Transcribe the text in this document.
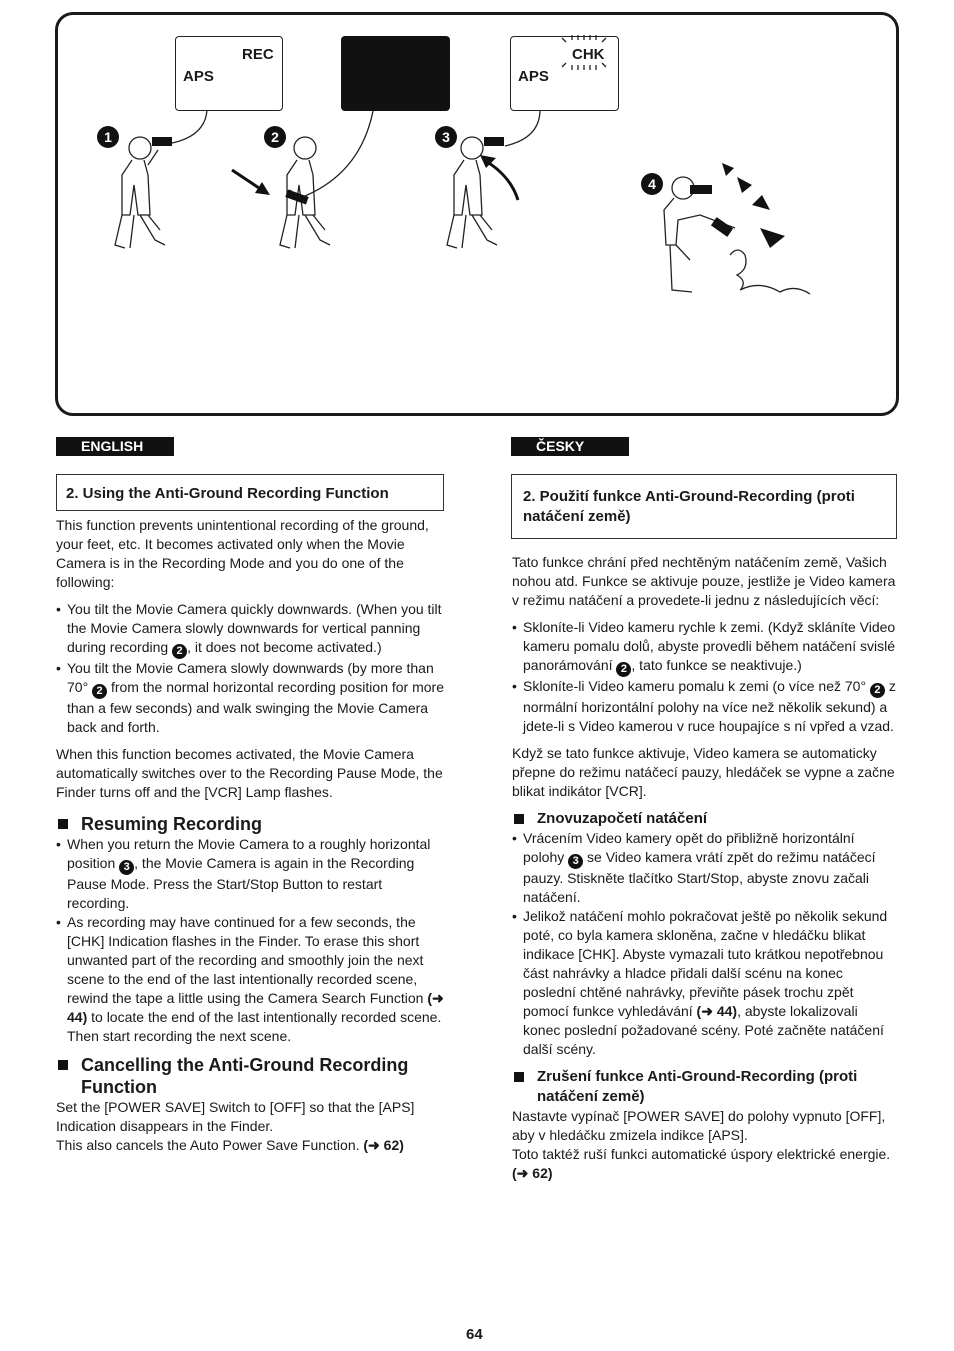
REC
APS
CHK
APS
1	2	3
4
ENGLISH	ČESKY
2. Using the Anti-Ground Recording Function	2. Použití funkce Anti-Ground-Recording (proti natáčení země)

This function prevents unintentional recording of the ground, your feet, etc. It becomes activated only when the Movie Camera is in the Recording Mode and you do one of the following:

• You tilt the Movie Camera quickly downwards. (When you tilt the Movie Camera slowly downwards for vertical panning during recording 2 , it does not become activated.)
• You tilt the Movie Camera slowly downwards (by more than 70° 2 from the normal horizontal recording position for more than a few seconds) and walk swinging the Movie Camera back and forth.

When this function becomes activated, the Movie Camera automatically switches over to the Recording Pause Mode, the Finder turns off and the [VCR] Lamp flashes.

Resuming Recording
• When you return the Movie Camera to a roughly horizontal position 3 , the Movie Camera is again in the Recording Pause Mode. Press the Start/Stop Button to restart recording.
• As recording may have continued for a few seconds, the [CHK] Indication flashes in the Finder. To erase this short unwanted part of the recording and smoothly join the next scene to the end of the last intentionally recorded scene, rewind the tape a little using the Camera Search Function (➜ 44) to locate the end of the last intentionally recorded scene. Then start recording the next scene.
Cancelling the Anti-Ground Recording Function
Set the [POWER SAVE] Switch to [OFF] so that the [APS] Indication disappears in the Finder.
This also cancels the Auto Power Save Function. (➜ 62)

Tato funkce chrání před nechtěným natáčením země, Vašich nohou atd. Funkce se aktivuje pouze, jestliže je Video kamera v režimu natáčení a provedete-li jednu z následujících věcí:

• Skloníte-li Video kameru rychle k zemi. (Když skláníte Video kameru pomalu dolů, abyste provedli během natáčení svislé panorámování 2 , tato funkce se neaktivuje.)
• Skloníte-li Video kameru pomalu k zemi (o více než 70° 2 z normální horizontální polohy na více než několik sekund) a jdete-li s Video kamerou v ruce houpajíce s ní vpřed a vzad.

Když se tato funkce aktivuje, Video kamera se automaticky přepne do režimu natáčecí pauzy, hledáček se vypne a začne blikat indikátor [VCR].

Znovuzapočetí natáčení
• Vrácením Video kamery opět do přibližně horizontální polohy 3 se Video kamera vrátí zpět do režimu natáčecí pauzy. Stiskněte tlačítko Start/Stop, abyste znovu začali natáčení.
• Jelikož natáčení mohlo pokračovat ještě po několik sekund poté, co byla kamera skloněna, začne v hledáčku blikat indikace [CHK]. Abyste vymazali tuto krátkou nepotřebnou část nahrávky a hladce přidali další scénu na konec poslední chtěné nahrávky, převiňte pásek trochu zpět pomocí funkce vyhledávání (➜ 44), abyste lokalizovali konec poslední požadované scény. Poté začněte natáčení další scény.
Zrušení funkce Anti-Ground-Recording (proti natáčení země)
Nastavte vypínač [POWER SAVE] do polohy vypnuto [OFF], aby v hledáčku zmizela indikce [APS].
Toto taktéž ruší funkci automatické úspory elektrické energie. (➜ 62)
64
